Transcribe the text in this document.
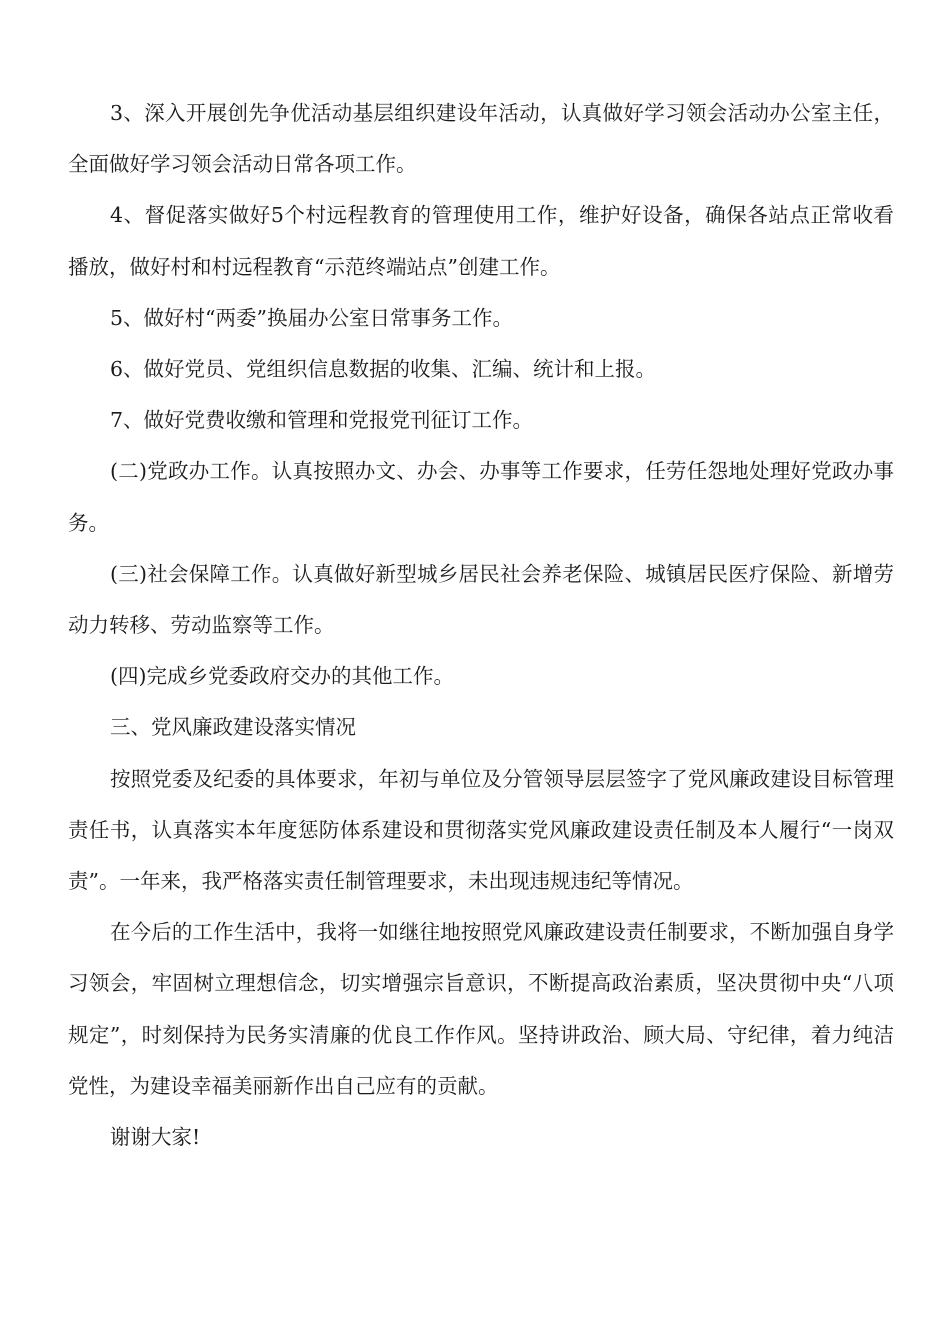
3、深入开展创先争优活动基层组织建设年活动，认真做好学习领会活动办公室主任，全面做好学习领会活动日常各项工作。

4、督促落实做好5个村远程教育的管理使用工作，维护好设备，确保各站点正常收看播放，做好村和村远程教育“示范终端站点”创建工作。

5、做好村“两委”换届办公室日常事务工作。

6、做好党员、党组织信息数据的收集、汇编、统计和上报。

7、做好党费收缴和管理和党报党刊征订工作。

(二)党政办工作。认真按照办文、办会、办事等工作要求，任劳任怨地处理好党政办事务。

(三)社会保障工作。认真做好新型城乡居民社会养老保险、城镇居民医疗保险、新增劳动力转移、劳动监察等工作。

(四)完成乡党委政府交办的其他工作。

三、党风廉政建设落实情况

按照党委及纪委的具体要求，年初与单位及分管领导层层签字了党风廉政建设目标管理责任书，认真落实本年度惩防体系建设和贯彻落实党风廉政建设责任制及本人履行“一岗双责”。一年来，我严格落实责任制管理要求，未出现违规违纪等情况。

在今后的工作生活中，我将一如继往地按照党风廉政建设责任制要求，不断加强自身学习领会，牢固树立理想信念，切实增强宗旨意识，不断提高政治素质，坚决贯彻中央“八项规定”，时刻保持为民务实清廉的优良工作作风。坚持讲政治、顾大局、守纪律，着力纯洁党性，为建设幸福美丽新作出自己应有的贡献。

谢谢大家!
